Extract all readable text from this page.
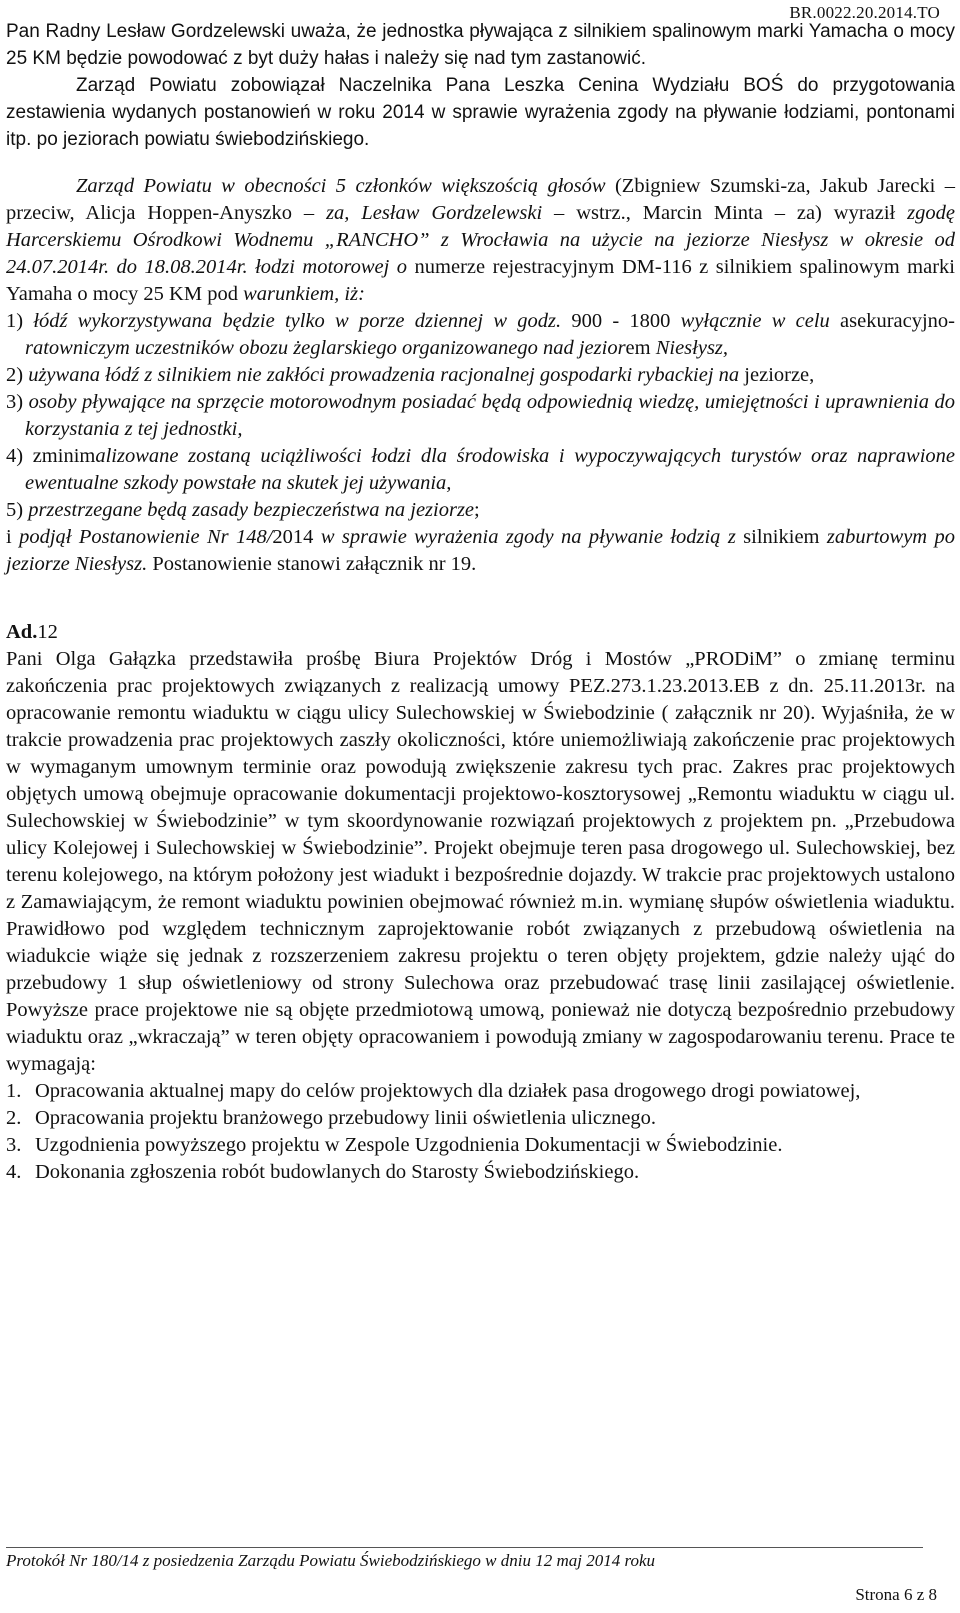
BR.0022.20.2014.TO

Pan Radny Lesław Gordzelewski uważa, że jednostka pływająca z silnikiem spalinowym marki Yamacha o mocy 25 KM będzie powodować z byt duży hałas i należy się nad tym zastanowić.

Zarząd Powiatu zobowiązał Naczelnika Pana Leszka Cenina Wydziału BOŚ do przygotowania zestawienia wydanych postanowień w roku 2014 w sprawie wyrażenia zgody na pływanie łodziami, pontonami itp. po jeziorach powiatu świebodzińskiego.

Zarząd Powiatu w obecności 5 członków większością głosów (Zbigniew Szumski-za, Jakub Jarecki – przeciw, Alicja Hoppen-Anyszko – za, Lesław Gordzelewski – wstrz., Marcin Minta – za) wyraził zgodę Harcerskiemu Ośrodkowi Wodnemu „RANCHO” z Wrocławia na użycie na jeziorze Niesłysz w okresie od 24.07.2014r. do 18.08.2014r. łodzi motorowej o numerze rejestracyjnym DM-116 z silnikiem spalinowym marki Yamaha o mocy 25 KM pod warunkiem, iż:

1) łódź wykorzystywana będzie tylko w porze dziennej w godz. 900 - 1800 wyłącznie w celu asekuracyjno-ratowniczym uczestników obozu żeglarskiego organizowanego nad jeziorem Niesłysz,

2) używana łódź z silnikiem nie zakłóci prowadzenia racjonalnej gospodarki rybackiej na jeziorze,

3) osoby pływające na sprzęcie motorowodnym posiadać będą odpowiednią wiedzę, umiejętności i uprawnienia do korzystania z tej jednostki,

4) zminimalizowane zostaną uciążliwości łodzi dla środowiska i wypoczywających turystów oraz naprawione ewentualne szkody powstałe na skutek jej używania,

5) przestrzegane będą zasady bezpieczeństwa na jeziorze;

i podjął Postanowienie Nr 148/2014 w sprawie wyrażenia zgody na pływanie łodzią z silnikiem zaburtowym po jeziorze Niesłysz. Postanowienie stanowi załącznik nr 19.

Ad.12

Pani Olga Gałązka przedstawiła prośbę Biura Projektów Dróg i Mostów „PRODiM” o zmianę terminu zakończenia prac projektowych związanych z realizacją umowy PEZ.273.1.23.2013.EB z dn. 25.11.2013r. na opracowanie remontu wiaduktu w ciągu ulicy Sulechowskiej w Świebodzinie ( załącznik nr 20). Wyjaśniła, że w trakcie prowadzenia prac projektowych zaszły okoliczności, które uniemożliwiają zakończenie prac projektowych w wymaganym umownym terminie oraz powodują zwiększenie zakresu tych prac. Zakres prac projektowych objętych umową obejmuje opracowanie dokumentacji projektowo-kosztorysowej „Remontu wiaduktu w ciągu ul. Sulechowskiej w Świebodzinie” w tym skoordynowanie rozwiązań projektowych z projektem pn. „Przebudowa ulicy Kolejowej i Sulechowskiej w Świebodzinie”. Projekt obejmuje teren pasa drogowego ul. Sulechowskiej, bez terenu kolejowego, na którym położony jest wiadukt i bezpośrednie dojazdy. W trakcie prac projektowych ustalono z Zamawiającym, że remont wiaduktu powinien obejmować również m.in. wymianę słupów oświetlenia wiaduktu. Prawidłowo pod względem technicznym zaprojektowanie robót związanych z przebudową oświetlenia na wiadukcie wiąże się jednak z rozszerzeniem zakresu projektu o teren objęty projektem, gdzie należy ująć do przebudowy 1 słup oświetleniowy od strony Sulechowa oraz przebudować trasę linii zasilającej oświetlenie. Powyższe prace projektowe nie są objęte przedmiotową umową, ponieważ nie dotyczą bezpośrednio przebudowy wiaduktu oraz „wkraczają” w teren objęty opracowaniem i powodują zmiany w zagospodarowaniu terenu. Prace te wymagają:

1. Opracowania aktualnej mapy do celów projektowych dla działek pasa drogowego drogi powiatowej,
2. Opracowania projektu branżowego przebudowy linii oświetlenia ulicznego.
3. Uzgodnienia powyższego projektu w Zespole Uzgodnienia Dokumentacji w Świebodzinie.
4. Dokonania zgłoszenia robót budowlanych do Starosty Świebodzińskiego.
Protokół Nr 180/14 z posiedzenia Zarządu Powiatu Świebodzińskiego w dniu 12 maj 2014 roku
Strona 6 z 8
